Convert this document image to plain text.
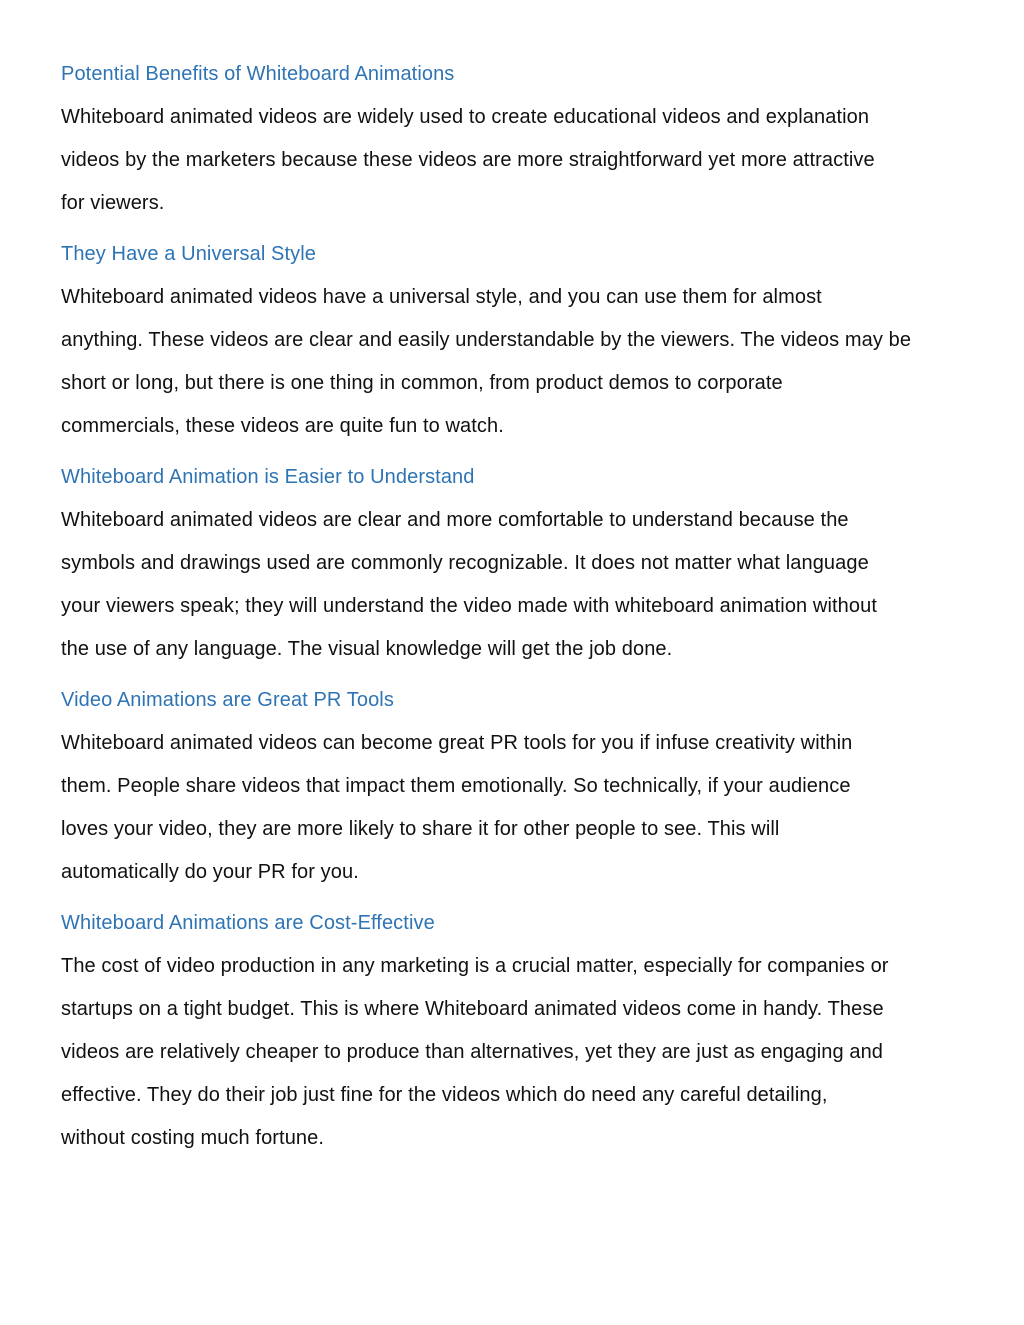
Potential Benefits of Whiteboard Animations

Whiteboard animated videos are widely used to create educational videos and explanation
videos by the marketers because these videos are more straightforward yet more attractive
for viewers.

They Have a Universal Style

Whiteboard animated videos have a universal style, and you can use them for almost
anything. These videos are clear and easily understandable by the viewers. The videos may be
short or long, but there is one thing in common, from product demos to corporate
commercials, these videos are quite fun to watch.

Whiteboard Animation is Easier to Understand

Whiteboard animated videos are clear and more comfortable to understand because the
symbols and drawings used are commonly recognizable. It does not matter what language
your viewers speak; they will understand the video made with whiteboard animation without
the use of any language. The visual knowledge will get the job done.

Video Animations are Great PR Tools

Whiteboard animated videos can become great PR tools for you if infuse creativity within
them. People share videos that impact them emotionally. So technically, if your audience
loves your video, they are more likely to share it for other people to see. This will
automatically do your PR for you.

Whiteboard Animations are Cost-Effective

The cost of video production in any marketing is a crucial matter, especially for companies or
startups on a tight budget. This is where Whiteboard animated videos come in handy. These
videos are relatively cheaper to produce than alternatives, yet they are just as engaging and
effective. They do their job just fine for the videos which do need any careful detailing,
without costing much fortune.
